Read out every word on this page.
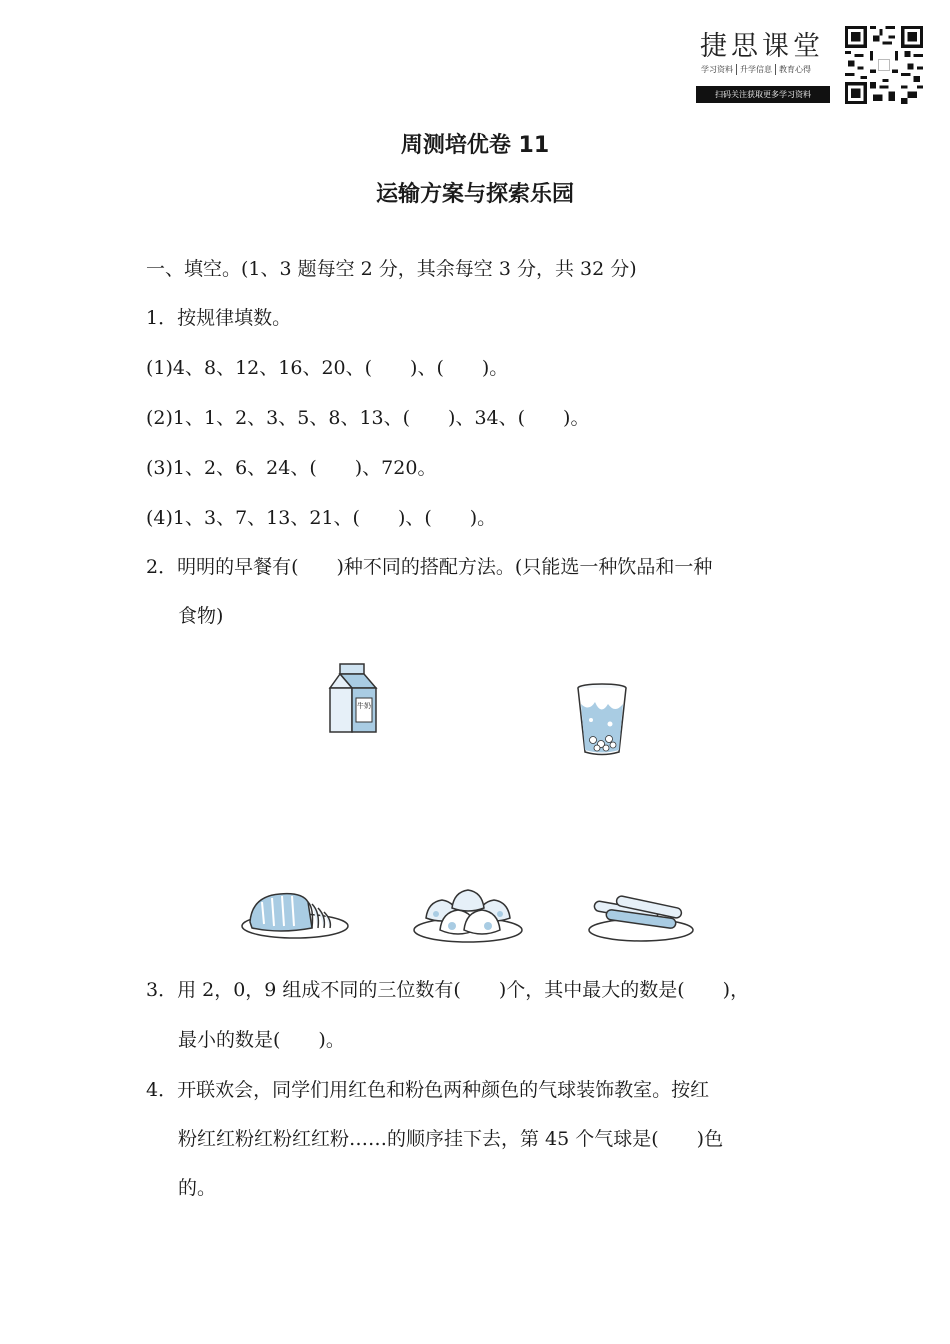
捷思课堂
学习资料 升学信息 教育心得
扫码关注获取更多学习资料
周测培优卷 11
运输方案与探索乐园
一、填空。(1、3 题每空 2 分，其余每空 3 分，共 32 分)
1．按规律填数。
(1)4、8、12、16、20、(　　)、(　　)。
(2)1、1、2、3、5、8、13、(　　)、34、(　　)。
(3)1、2、6、24、(　　)、720。
(4)1、3、7、13、21、(　　)、(　　)。
2．明明的早餐有(　　)种不同的搭配方法。(只能选一种饮品和一种
食物)
牛奶
3．用 2，0，9 组成不同的三位数有(　　)个，其中最大的数是(　　)，
最小的数是(　　)。
4．开联欢会，同学们用红色和粉色两种颜色的气球装饰教室。按红
粉红红粉红粉红红粉……的顺序挂下去，第 45 个气球是(　　)色
的。
